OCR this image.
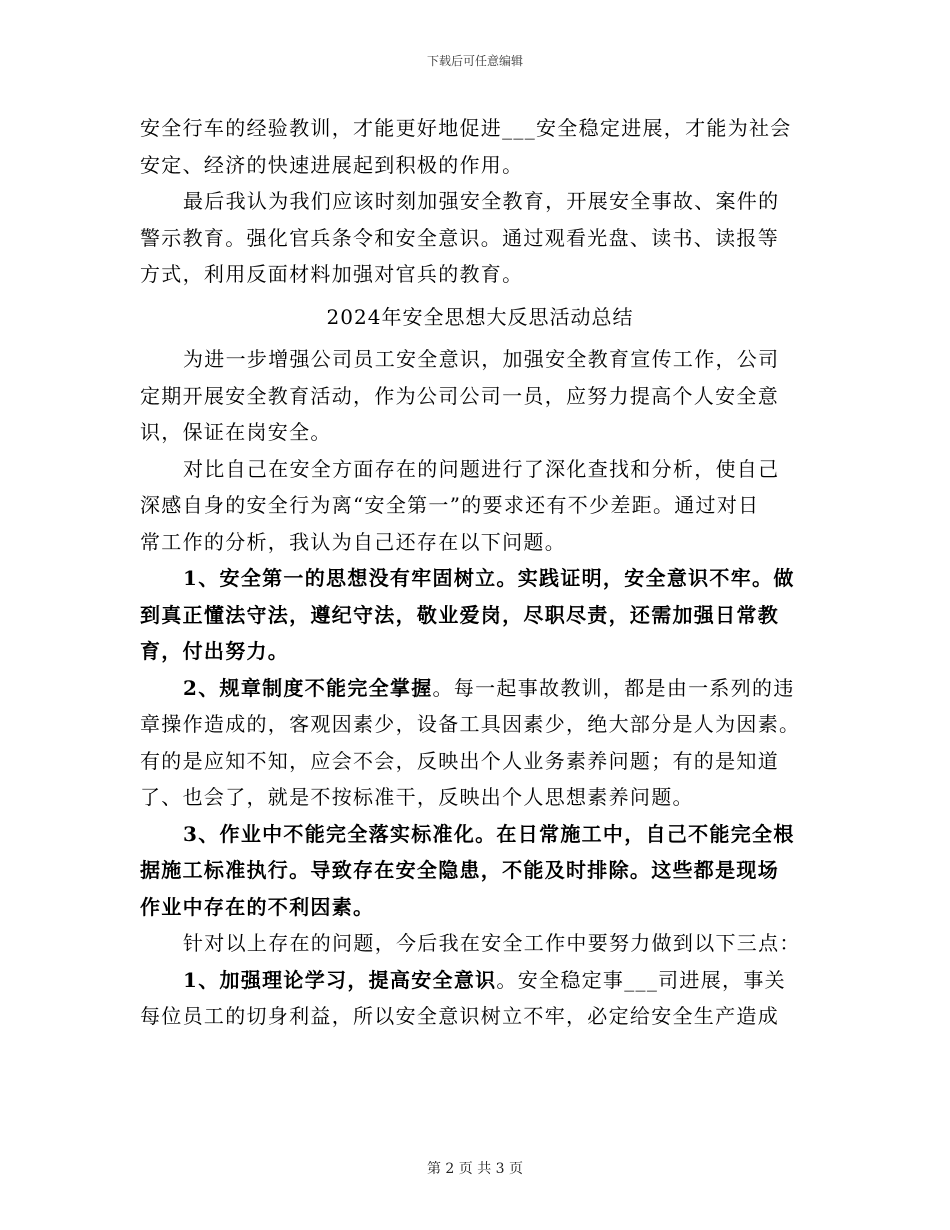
下载后可任意编辑
安全行车的经验教训，才能更好地促进___安全稳定进展，才能为社会
安定、经济的快速进展起到积极的作用。
最后我认为我们应该时刻加强安全教育，开展安全事故、案件的
警示教育。强化官兵条令和安全意识。通过观看光盘、读书、读报等
方式，利用反面材料加强对官兵的教育。
2024年安全思想大反思活动总结
为进一步增强公司员工安全意识，加强安全教育宣传工作，公司
定期开展安全教育活动，作为公司公司一员，应努力提高个人安全意
识，保证在岗安全。
对比自己在安全方面存在的问题进行了深化查找和分析，使自己
深感自身的安全行为离“安全第一”的要求还有不少差距。通过对日
常工作的分析，我认为自己还存在以下问题。
1、安全第一的思想没有牢固树立。实践证明，安全意识不牢。做
到真正懂法守法，遵纪守法，敬业爱岗，尽职尽责，还需加强日常教
育，付出努力。
2、规章制度不能完全掌握。每一起事故教训，都是由一系列的违
章操作造成的，客观因素少，设备工具因素少，绝大部分是人为因素。
有的是应知不知，应会不会，反映出个人业务素养问题；有的是知道
了、也会了，就是不按标准干，反映出个人思想素养问题。
3、作业中不能完全落实标准化。在日常施工中，自己不能完全根
据施工标准执行。导致存在安全隐患，不能及时排除。这些都是现场
作业中存在的不利因素。
针对以上存在的问题，今后我在安全工作中要努力做到以下三点：
1、加强理论学习，提高安全意识。安全稳定事___司进展，事关
每位员工的切身利益，所以安全意识树立不牢，必定给安全生产造成
第 2 页 共 3 页
